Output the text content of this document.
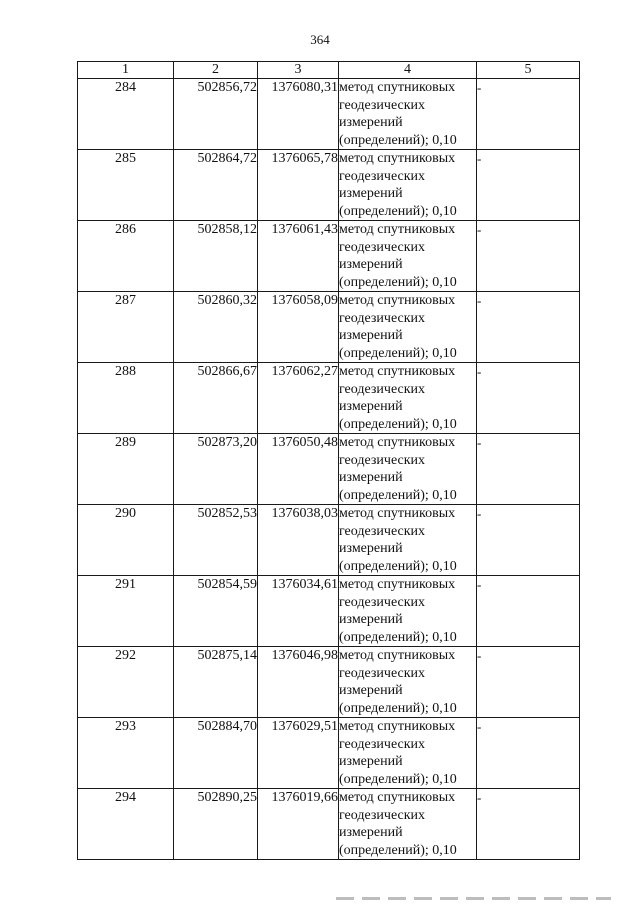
364
1	2	3	4	5
284	502856,72	1376080,31	метод спутниковых
геодезических
измерений
(определений); 0,10	-
285	502864,72	1376065,78	метод спутниковых
геодезических
измерений
(определений); 0,10	-
286	502858,12	1376061,43	метод спутниковых
геодезических
измерений
(определений); 0,10	-
287	502860,32	1376058,09	метод спутниковых
геодезических
измерений
(определений); 0,10	-
288	502866,67	1376062,27	метод спутниковых
геодезических
измерений
(определений); 0,10	-
289	502873,20	1376050,48	метод спутниковых
геодезических
измерений
(определений); 0,10	-
290	502852,53	1376038,03	метод спутниковых
геодезических
измерений
(определений); 0,10	-
291	502854,59	1376034,61	метод спутниковых
геодезических
измерений
(определений); 0,10	-
292	502875,14	1376046,98	метод спутниковых
геодезических
измерений
(определений); 0,10	-
293	502884,70	1376029,51	метод спутниковых
геодезических
измерений
(определений); 0,10	-
294	502890,25	1376019,66	метод спутниковых
геодезических
измерений
(определений); 0,10	-
